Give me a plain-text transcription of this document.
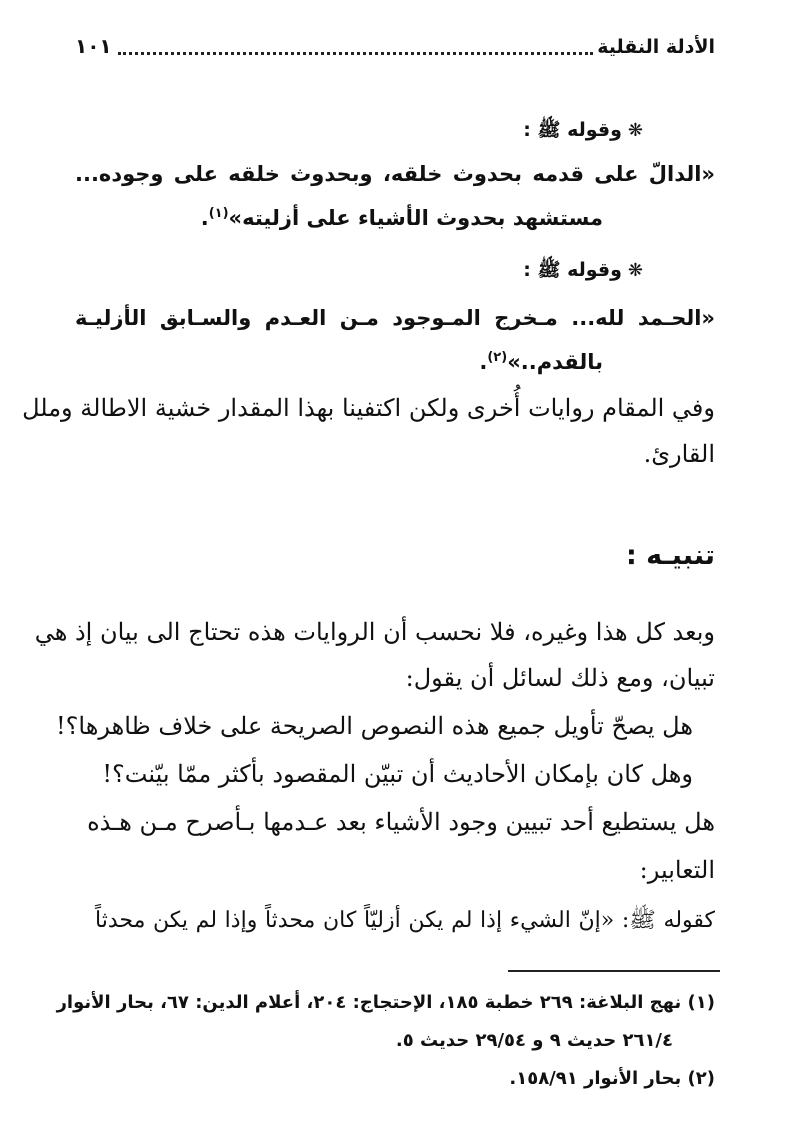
الأدلة النقلية
١٠١
❋وقوله ﷺ :
«الدالّ على قدمه بحدوث خلقه، وبحدوث خلقه على وجوده...
مستشهد بحدوث الأشياء على أزليته»$^{(١)}$.
❋وقوله ﷺ :
«الحـمد لله... مـخرج المـوجود مـن العـدم والسـابق الأزليـة
بالقدم..»$^{(٢)}$.
وفي المقام روايات أُخرى ولكن اكتفينا بهذا المقدار خشية الاطالة وملل
القارئ.
تنبيـه :
وبعد كل هذا وغيره، فلا نحسب أن الروايات هذه تحتاج الى بيان إذ هي
تبيان، ومع ذلك لسائل أن يقول:
هل يصحّ تأويل جميع هذه النصوص الصريحة على خلاف ظاهرها؟!
وهل كان بإمكان الأحاديث أن تبيّن المقصود بأكثر ممّا بيّنت؟!
هل يستطيع أحد تبيين وجود الأشياء بعد عـدمها بـأصرح مـن هـذه
التعابير:
كقوله ﷺ: «إنّ الشيء إذا لم يكن أزليّاً كان محدثاً وإذا لم يكن محدثاً
(١) نهج البلاغة: ٢٦٩ خطبة ١٨٥، الإحتجاج: ٢٠٤، أعلام الدين: ٦٧، بحار الأنوار
٢٦١/٤ حديث ٩ و ٢٩/٥٤ حديث ٥.
(٢) بحار الأنوار ١٥٨/٩١.
